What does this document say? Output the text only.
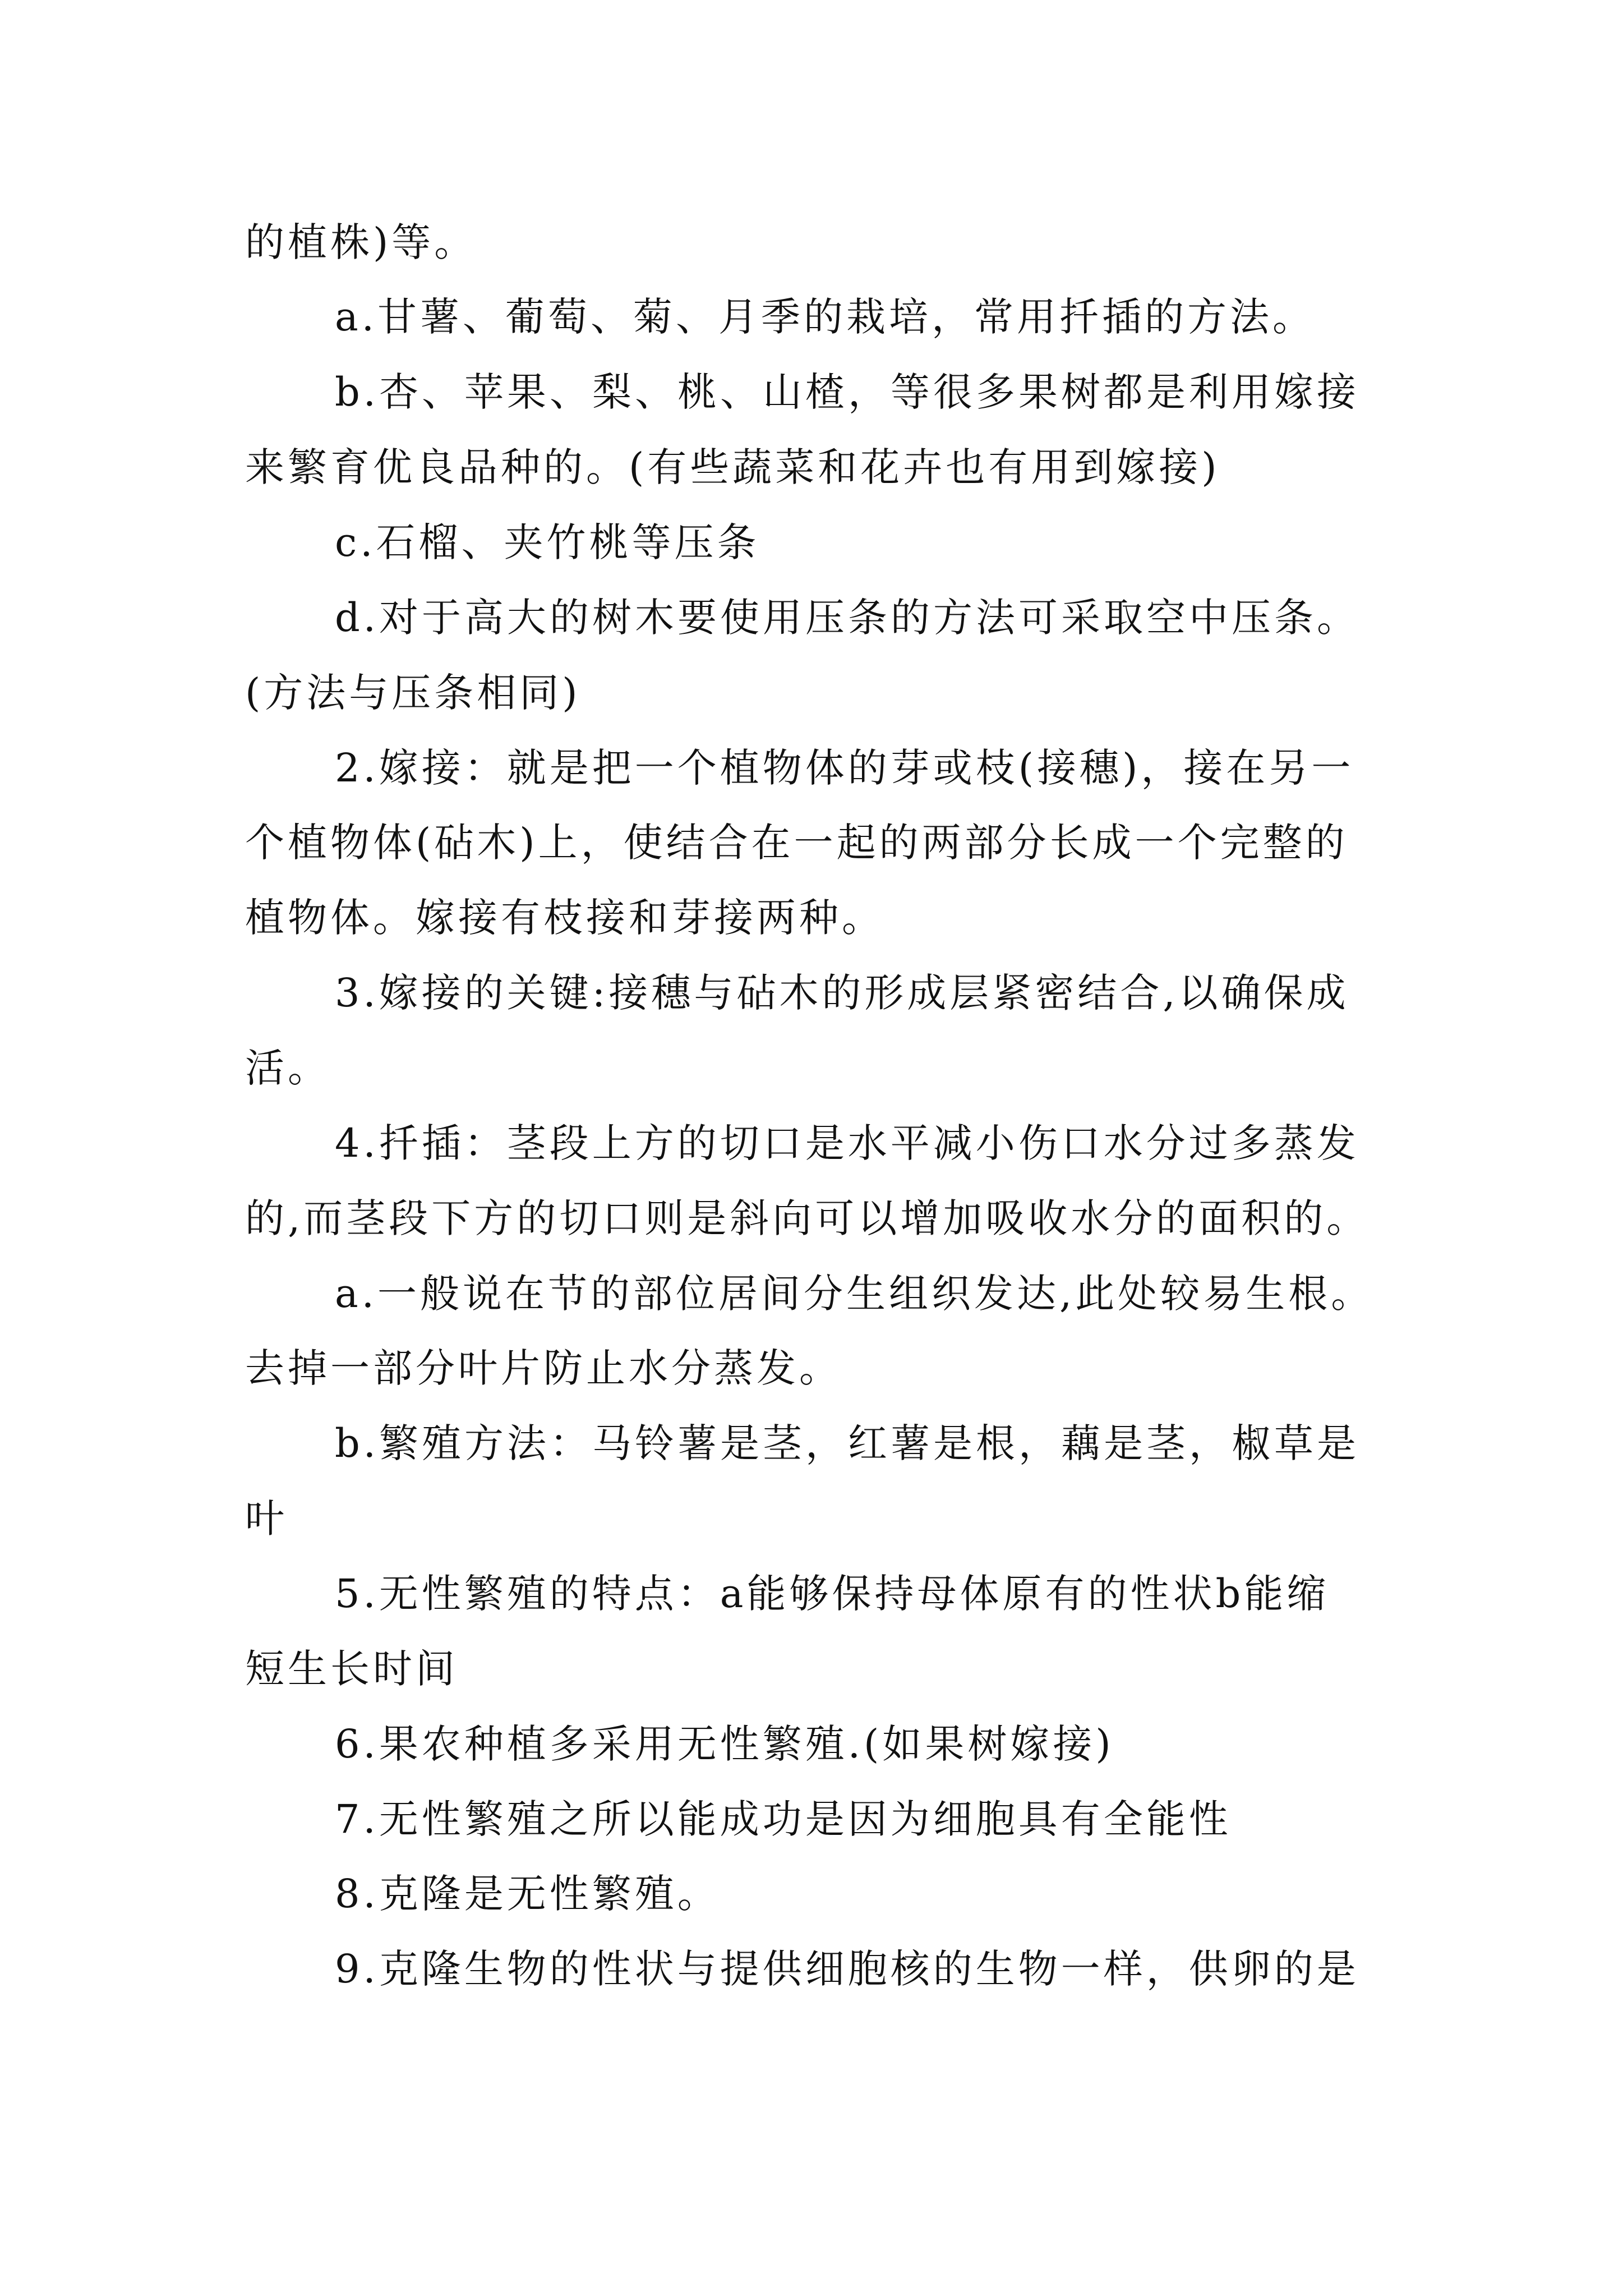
的植株)等。

a.甘薯、葡萄、菊、月季的栽培，常用扦插的方法。

b.杏、苹果、梨、桃、山楂，等很多果树都是利用嫁接

来繁育优良品种的。(有些蔬菜和花卉也有用到嫁接)

c.石榴、夹竹桃等压条

d.对于高大的树木要使用压条的方法可采取空中压条。

(方法与压条相同)

2.嫁接：就是把一个植物体的芽或枝(接穗)，接在另一

个植物体(砧木)上，使结合在一起的两部分长成一个完整的

植物体。嫁接有枝接和芽接两种。

3.嫁接的关键:接穗与砧木的形成层紧密结合,以确保成

活。

4.扦插：茎段上方的切口是水平减小伤口水分过多蒸发

的,而茎段下方的切口则是斜向可以增加吸收水分的面积的。

a.一般说在节的部位居间分生组织发达,此处较易生根。

去掉一部分叶片防止水分蒸发。

b.繁殖方法：马铃薯是茎，红薯是根，藕是茎，椒草是

叶

5.无性繁殖的特点：a能够保持母体原有的性状b能缩

短生长时间

6.果农种植多采用无性繁殖.(如果树嫁接)

7.无性繁殖之所以能成功是因为细胞具有全能性

8.克隆是无性繁殖。

9.克隆生物的性状与提供细胞核的生物一样，供卵的是
